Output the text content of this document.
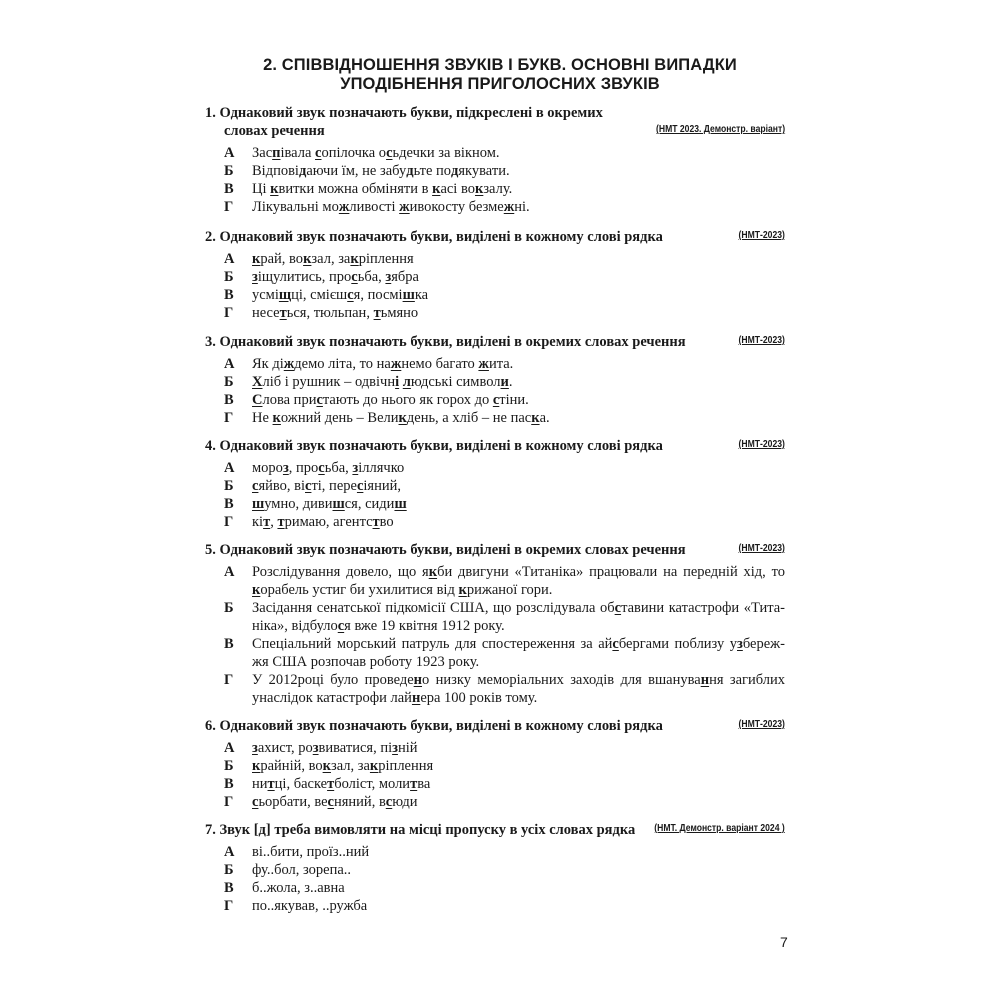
2. СПІВВІДНОШЕННЯ ЗВУКІВ І БУКВ. ОСНОВНІ ВИПАДКИ
УПОДІБНЕННЯ ПРИГОЛОСНИХ ЗВУКІВ
1. Однаковий звук позначають букви, підкреслені в окремих
словах речення	(НМТ 2023. Демонстр. варіант)
А	Заспівала сопілочка осьдечки за вікном.
Б	Відповідаючи їм, не забудьте подякувати.
В	Ці квитки можна обміняти в касі вокзалу.
Г	Лікувальні можливості живокосту безмежні.
2. Однаковий звук позначають букви, виділені в кожному слові рядка	(НМТ-2023)
А	край, вокзал, закріплення
Б	зіщулитись, просьба, зябра
В	усміщці, смієшся, посмішка
Г	несеться, тюльпан, тьмяно
3. Однаковий звук позначають букви, виділені в окремих словах речення	(НМТ-2023)
А	Як діждемо літа, то нажнемо багато жита.
Б	Хліб і рушник – одвічні людські символи.
В	Слова пристають до нього як горох до стіни.
Г	Не кожний день – Великдень, а хліб – не паска.
4. Однаковий звук позначають букви, виділені в кожному слові рядка	(НМТ-2023)
А	мороз, просьба, зіллячко
Б	сяйво, вісті, пересіяний,
В	шумно, дивишся, сидиш
Г	кіт, тримаю, агентство
5. Однаковий звук позначають букви, виділені в окремих словах речення	(НМТ-2023)
А	Розслідування довело, що якби двигуни «Титаніка» працювали на передній хід, то корабель устиг би ухилитися від крижаної гори.
Б	Засідання сенатської підкомісії США, що розслідувала обставини катастрофи «Тита-ніка», відбулося вже 19 квітня 1912 року.
В	Спеціальний морський патруль для спостереження за айсбергами поблизу узбереж-жя США розпочав роботу 1923 року.
Г	У 2012році було проведено низку меморіальних заходів для вшанування загиблих унаслідок катастрофи лайнера 100 років тому.
6. Однаковий звук позначають букви, виділені в кожному слові рядка	(НМТ-2023)
А	захист, розвиватися, пізній
Б	крайній, вокзал, закріплення
В	нитці, баскетболіст, молитва
Г	сьорбати, весняний, всюди
7. Звук [д] треба вимовляти на місці пропуску в усіх словах рядка	(НМТ. Демонстр. варіант 2024 )
А	ві..бити, проїз..ний
Б	фу..бол, зорепа..
В	б..жола, з..авна
Г	по..якував, ..ружба
7
